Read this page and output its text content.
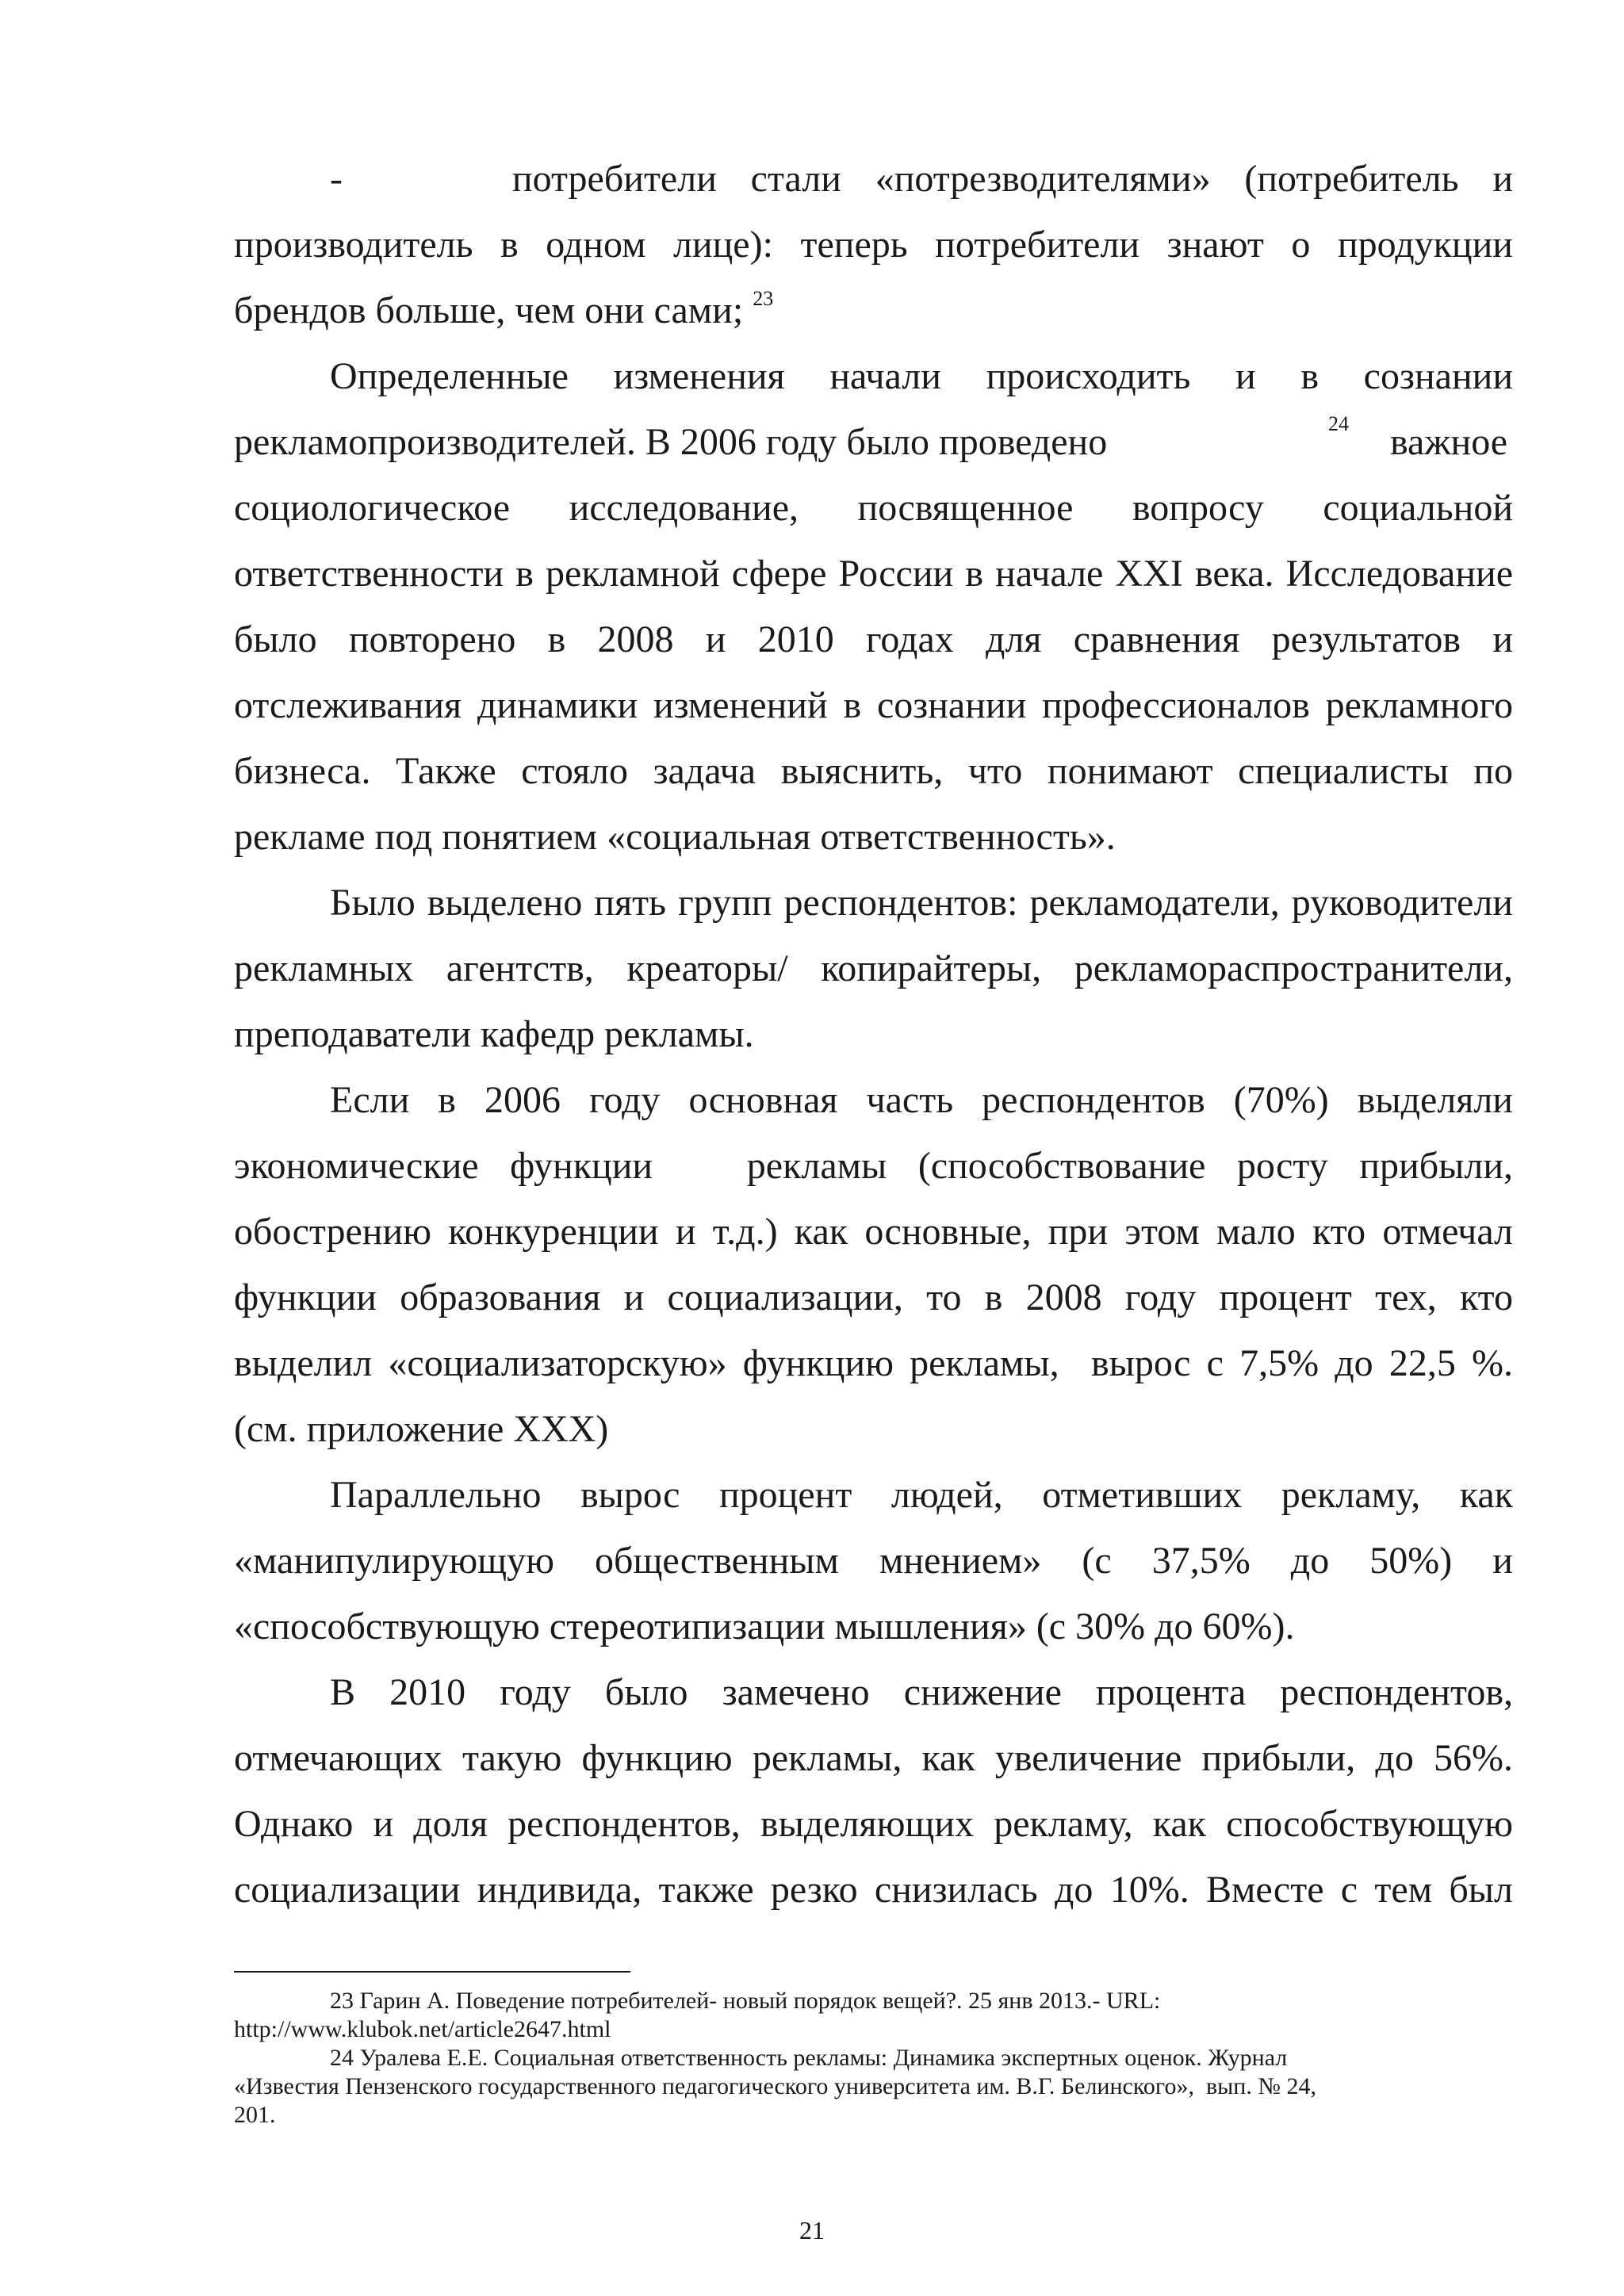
-     потребители стали «потрезводителями» (потребитель и
производитель в одном лице): теперь потребители знают о продукции
брендов больше, чем они сами; $^{23}$
Определенные изменения начали происходить и в сознании
рекламопроизводителей. В 2006 году было проведено	$^{24}$ важное
социологическое исследование, посвященное вопросу социальной
ответственности в рекламной сфере России в начале XXI века. Исследование
было повторено в 2008 и 2010 годах для сравнения результатов и
отслеживания динамики изменений в сознании профессионалов рекламного
бизнеса. Также стояло задача выяснить, что понимают специалисты по
рекламе под понятием «социальная ответственность».
Было выделено пять групп респондентов: рекламодатели, руководители
рекламных агентств, креаторы/ копирайтеры, рекламораспространители,
преподаватели кафедр рекламы.
Если в 2006 году основная часть респондентов (70%) выделяли
экономические функции   рекламы (способствование росту прибыли,
обострению конкуренции и т.д.) как основные, при этом мало кто отмечал
функции образования и социализации, то в 2008 году процент тех, кто
выделил «социализаторскую» функцию рекламы,  вырос с 7,5% до 22,5 %.
(см. приложение XXX)
Параллельно вырос процент людей, отметивших рекламу, как
«манипулирующую общественным мнением» (с 37,5% до 50%) и
«способствующую стереотипизации мышления» (с 30% до 60%).
В 2010 году было замечено снижение процента респондентов,
отмечающих такую функцию рекламы, как увеличение прибыли, до 56%.
Однако и доля респондентов, выделяющих рекламу, как способствующую
социализации индивида, также резко снизилась до 10%. Вместе с тем был
23 Гарин А. Поведение потребителей- новый порядок вещей?. 25 янв 2013.- URL:
http://www.klubok.net/article2647.html
24 Уралева Е.Е. Социальная ответственность рекламы: Динамика экспертных оценок. Журнал
«Известия Пензенского государственного педагогического университета им. В.Г. Белинского»,  вып. № 24,
201.
21
